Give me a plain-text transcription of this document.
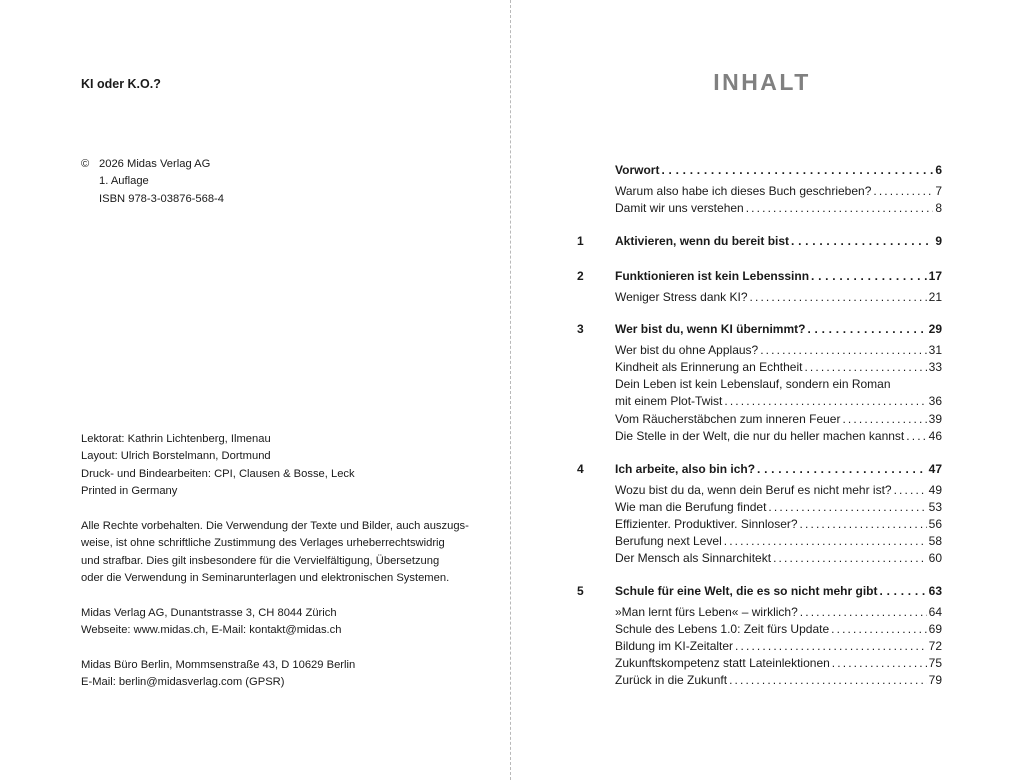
KI oder K.O.?
© 2026 Midas Verlag AG
1. Auflage
ISBN 978-3-03876-568-4
Lektorat: Kathrin Lichtenberg, Ilmenau
Layout: Ulrich Borstelmann, Dortmund
Druck- und Bindearbeiten: CPI, Clausen & Bosse, Leck
Printed in Germany
Alle Rechte vorbehalten. Die Verwendung der Texte und Bilder, auch auszugs-
weise, ist ohne schriftliche Zustimmung des Verlages urheberrechtswidrig
und strafbar. Dies gilt insbesondere für die Vervielfältigung, Übersetzung
oder die Verwendung in Seminarunterlagen und elektronischen Systemen.
Midas Verlag AG, Dunantstrasse 3, CH 8044 Zürich
Webseite: www.midas.ch, E-Mail: kontakt@midas.ch
Midas Büro Berlin, Mommsenstraße 43, D 10629 Berlin
E-Mail: berlin@midasverlag.com (GPSR)
INHALT
Vorwort . . .	6
Warum also habe ich dieses Buch geschrieben? . . .	7
Damit wir uns verstehen . . .	8
1	Aktivieren, wenn du bereit bist . . .	9
2	Funktionieren ist kein Lebenssinn . . .	17
Weniger Stress dank KI? . . .	21
3	Wer bist du, wenn KI übernimmt? . . .	29
Wer bist du ohne Applaus? . . .	31
Kindheit als Erinnerung an Echtheit . . .	33
Dein Leben ist kein Lebenslauf, sondern ein Roman
mit einem Plot-Twist . . .	36
Vom Räucherstäbchen zum inneren Feuer . . .	39
Die Stelle in der Welt, die nur du heller machen kannst . . . 46
4	Ich arbeite, also bin ich? . . .	47
Wozu bist du da, wenn dein Beruf es nicht mehr ist? . . .	49
Wie man die Berufung findet . . .	53
Effizienter. Produktiver. Sinnloser? . . .	56
Berufung next Level . . .	58
Der Mensch als Sinnarchitekt . . .	60
5	Schule für eine Welt, die es so nicht mehr gibt . . .	63
»Man lernt fürs Leben« – wirklich? . . .	64
Schule des Lebens 1.0: Zeit fürs Update . . .	69
Bildung im KI-Zeitalter . . .	72
Zukunftskompetenz statt Lateinlektionen . . .	75
Zurück in die Zukunft . . .	79
